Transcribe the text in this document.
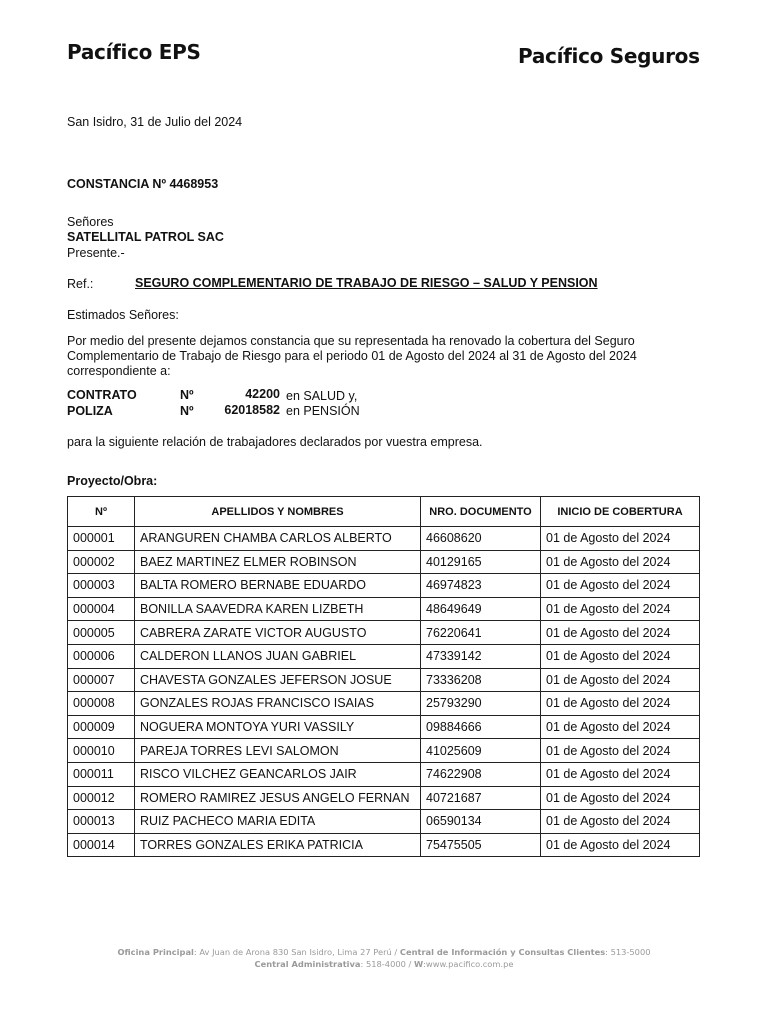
Pacífico EPS	Pacífico Seguros
San Isidro, 31 de Julio del 2024
CONSTANCIA Nº 4468953
Señores
SATELLITAL PATROL SAC
Presente.-
Ref.:	SEGURO COMPLEMENTARIO DE TRABAJO DE RIESGO – SALUD Y PENSION
Estimados Señores:
Por medio del presente dejamos constancia que su representada ha renovado la cobertura del Seguro
Complementario de Trabajo de Riesgo para el periodo 01 de Agosto del 2024 al 31 de Agosto del 2024
correspondiente a:
CONTRATO	Nº	42200 en SALUD y,
POLIZA	Nº	62018582 en PENSIÓN
para la siguiente relación de trabajadores declarados por vuestra empresa.
Proyecto/Obra:
Nº	APELLIDOS Y NOMBRES	NRO. DOCUMENTO	INICIO DE COBERTURA
000001	ARANGUREN CHAMBA CARLOS ALBERTO	46608620	01 de Agosto del 2024
000002	BAEZ MARTINEZ ELMER ROBINSON	40129165	01 de Agosto del 2024
000003	BALTA ROMERO BERNABE EDUARDO	46974823	01 de Agosto del 2024
000004	BONILLA SAAVEDRA KAREN LIZBETH	48649649	01 de Agosto del 2024
000005	CABRERA ZARATE VICTOR AUGUSTO	76220641	01 de Agosto del 2024
000006	CALDERON LLANOS JUAN GABRIEL	47339142	01 de Agosto del 2024
000007	CHAVESTA GONZALES JEFERSON JOSUE	73336208	01 de Agosto del 2024
000008	GONZALES ROJAS FRANCISCO ISAIAS	25793290	01 de Agosto del 2024
000009	NOGUERA MONTOYA YURI VASSILY	09884666	01 de Agosto del 2024
000010	PAREJA TORRES LEVI SALOMON	41025609	01 de Agosto del 2024
000011	RISCO VILCHEZ GEANCARLOS JAIR	74622908	01 de Agosto del 2024
000012	ROMERO RAMIREZ JESUS ANGELO FERNAN	40721687	01 de Agosto del 2024
000013	RUIZ PACHECO MARIA EDITA	06590134	01 de Agosto del 2024
000014	TORRES GONZALES ERIKA PATRICIA	75475505	01 de Agosto del 2024
Oficina Principal: Av Juan de Arona 830 San Isidro, Lima 27 Perú / Central de Información y Consultas Clientes: 513-5000
Central Administrativa: 518-4000 / W:www.pacifico.com.pe
